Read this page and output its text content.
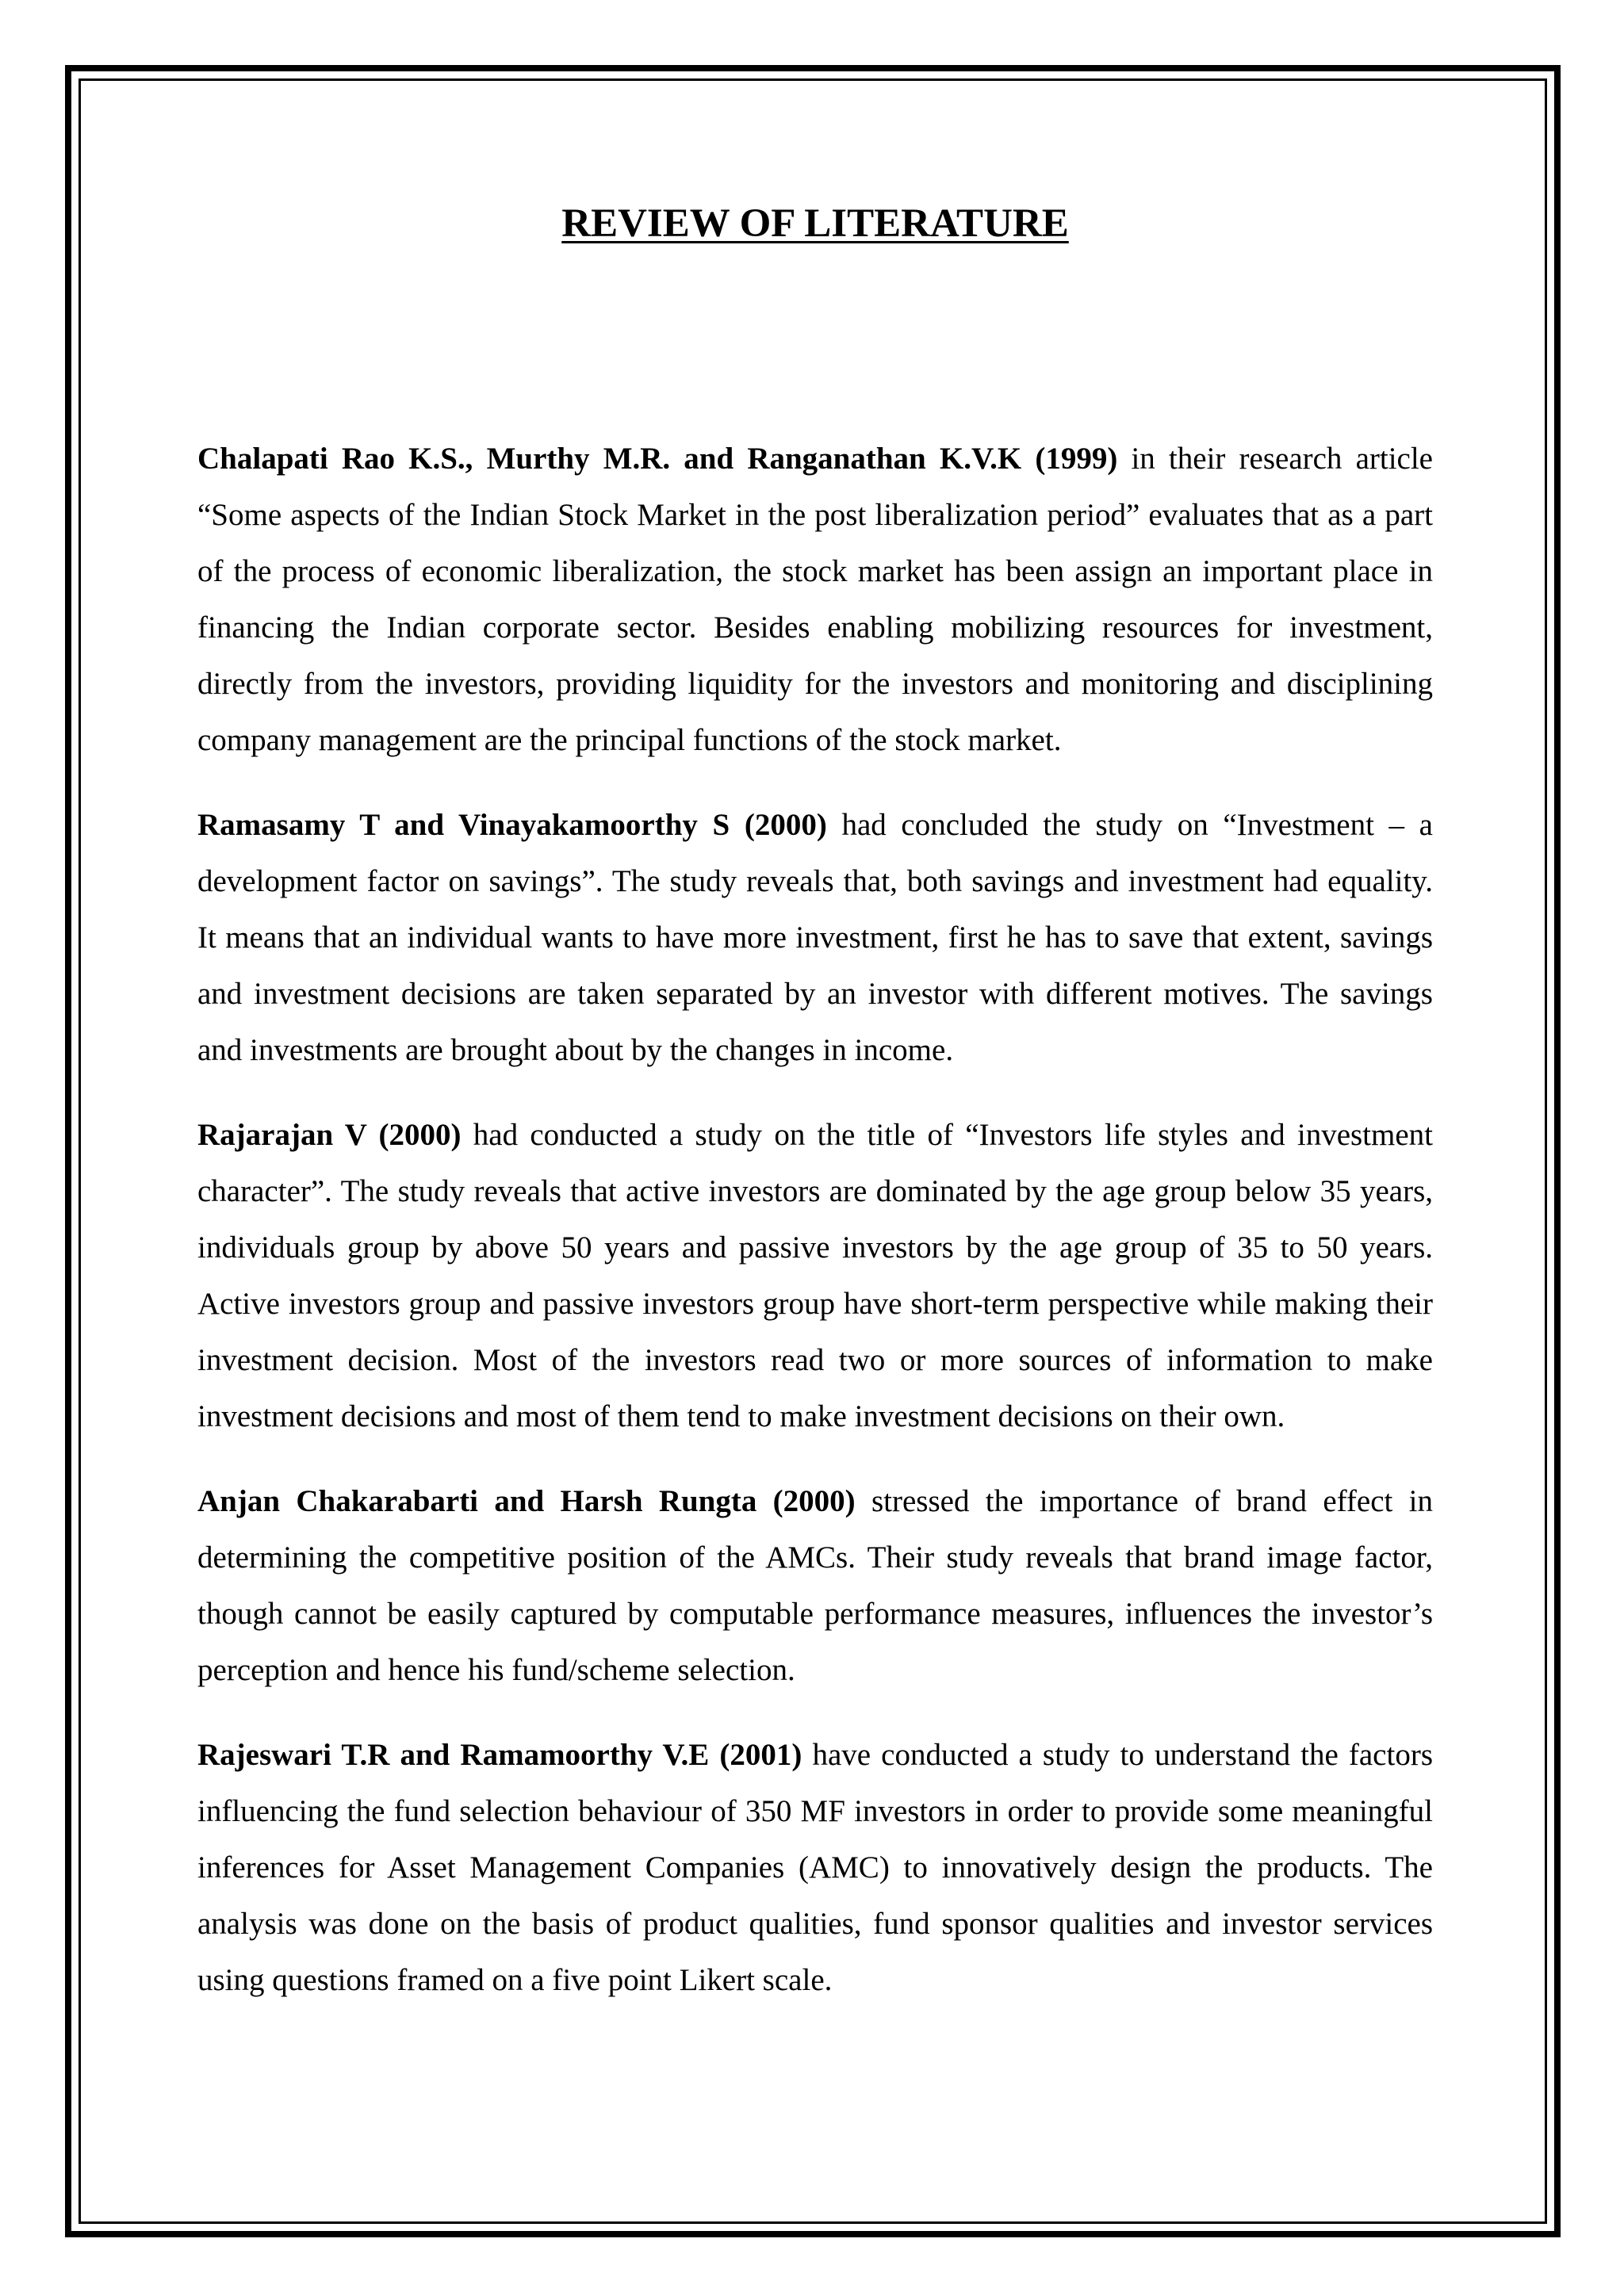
REVIEW OF LITERATURE

Chalapati Rao K.S., Murthy M.R. and Ranganathan K.V.K (1999) in their research article “Some aspects of the Indian Stock Market in the post liberalization period” evaluates that as a part of the process of economic liberalization, the stock market has been assign an important place in financing the Indian corporate sector. Besides enabling mobilizing resources for investment, directly from the investors, providing liquidity for the investors and monitoring and disciplining company management are the principal functions of the stock market.

Ramasamy T and Vinayakamoorthy S (2000) had concluded the study on “Investment – a development factor on savings”. The study reveals that, both savings and investment had equality. It means that an individual wants to have more investment, first he has to save that extent, savings and investment decisions are taken separated by an investor with different motives. The savings and investments are brought about by the changes in income.

Rajarajan V (2000) had conducted a study on the title of “Investors life styles and investment character”. The study reveals that active investors are dominated by the age group below 35 years, individuals group by above 50 years and passive investors by the age group of 35 to 50 years. Active investors group and passive investors group have short-term perspective while making their investment decision. Most of the investors read two or more sources of information to make investment decisions and most of them tend to make investment decisions on their own.

Anjan Chakarabarti and Harsh Rungta (2000) stressed the importance of brand effect in determining the competitive position of the AMCs. Their study reveals that brand image factor, though cannot be easily captured by computable performance measures, influences the investor’s perception and hence his fund/scheme selection.

Rajeswari T.R and Ramamoorthy V.E (2001) have conducted a study to understand the factors influencing the fund selection behaviour of 350 MF investors in order to provide some meaningful inferences for Asset Management Companies (AMC) to innovatively design the products. The analysis was done on the basis of product qualities, fund sponsor qualities and investor services using questions framed on a five point Likert scale.
